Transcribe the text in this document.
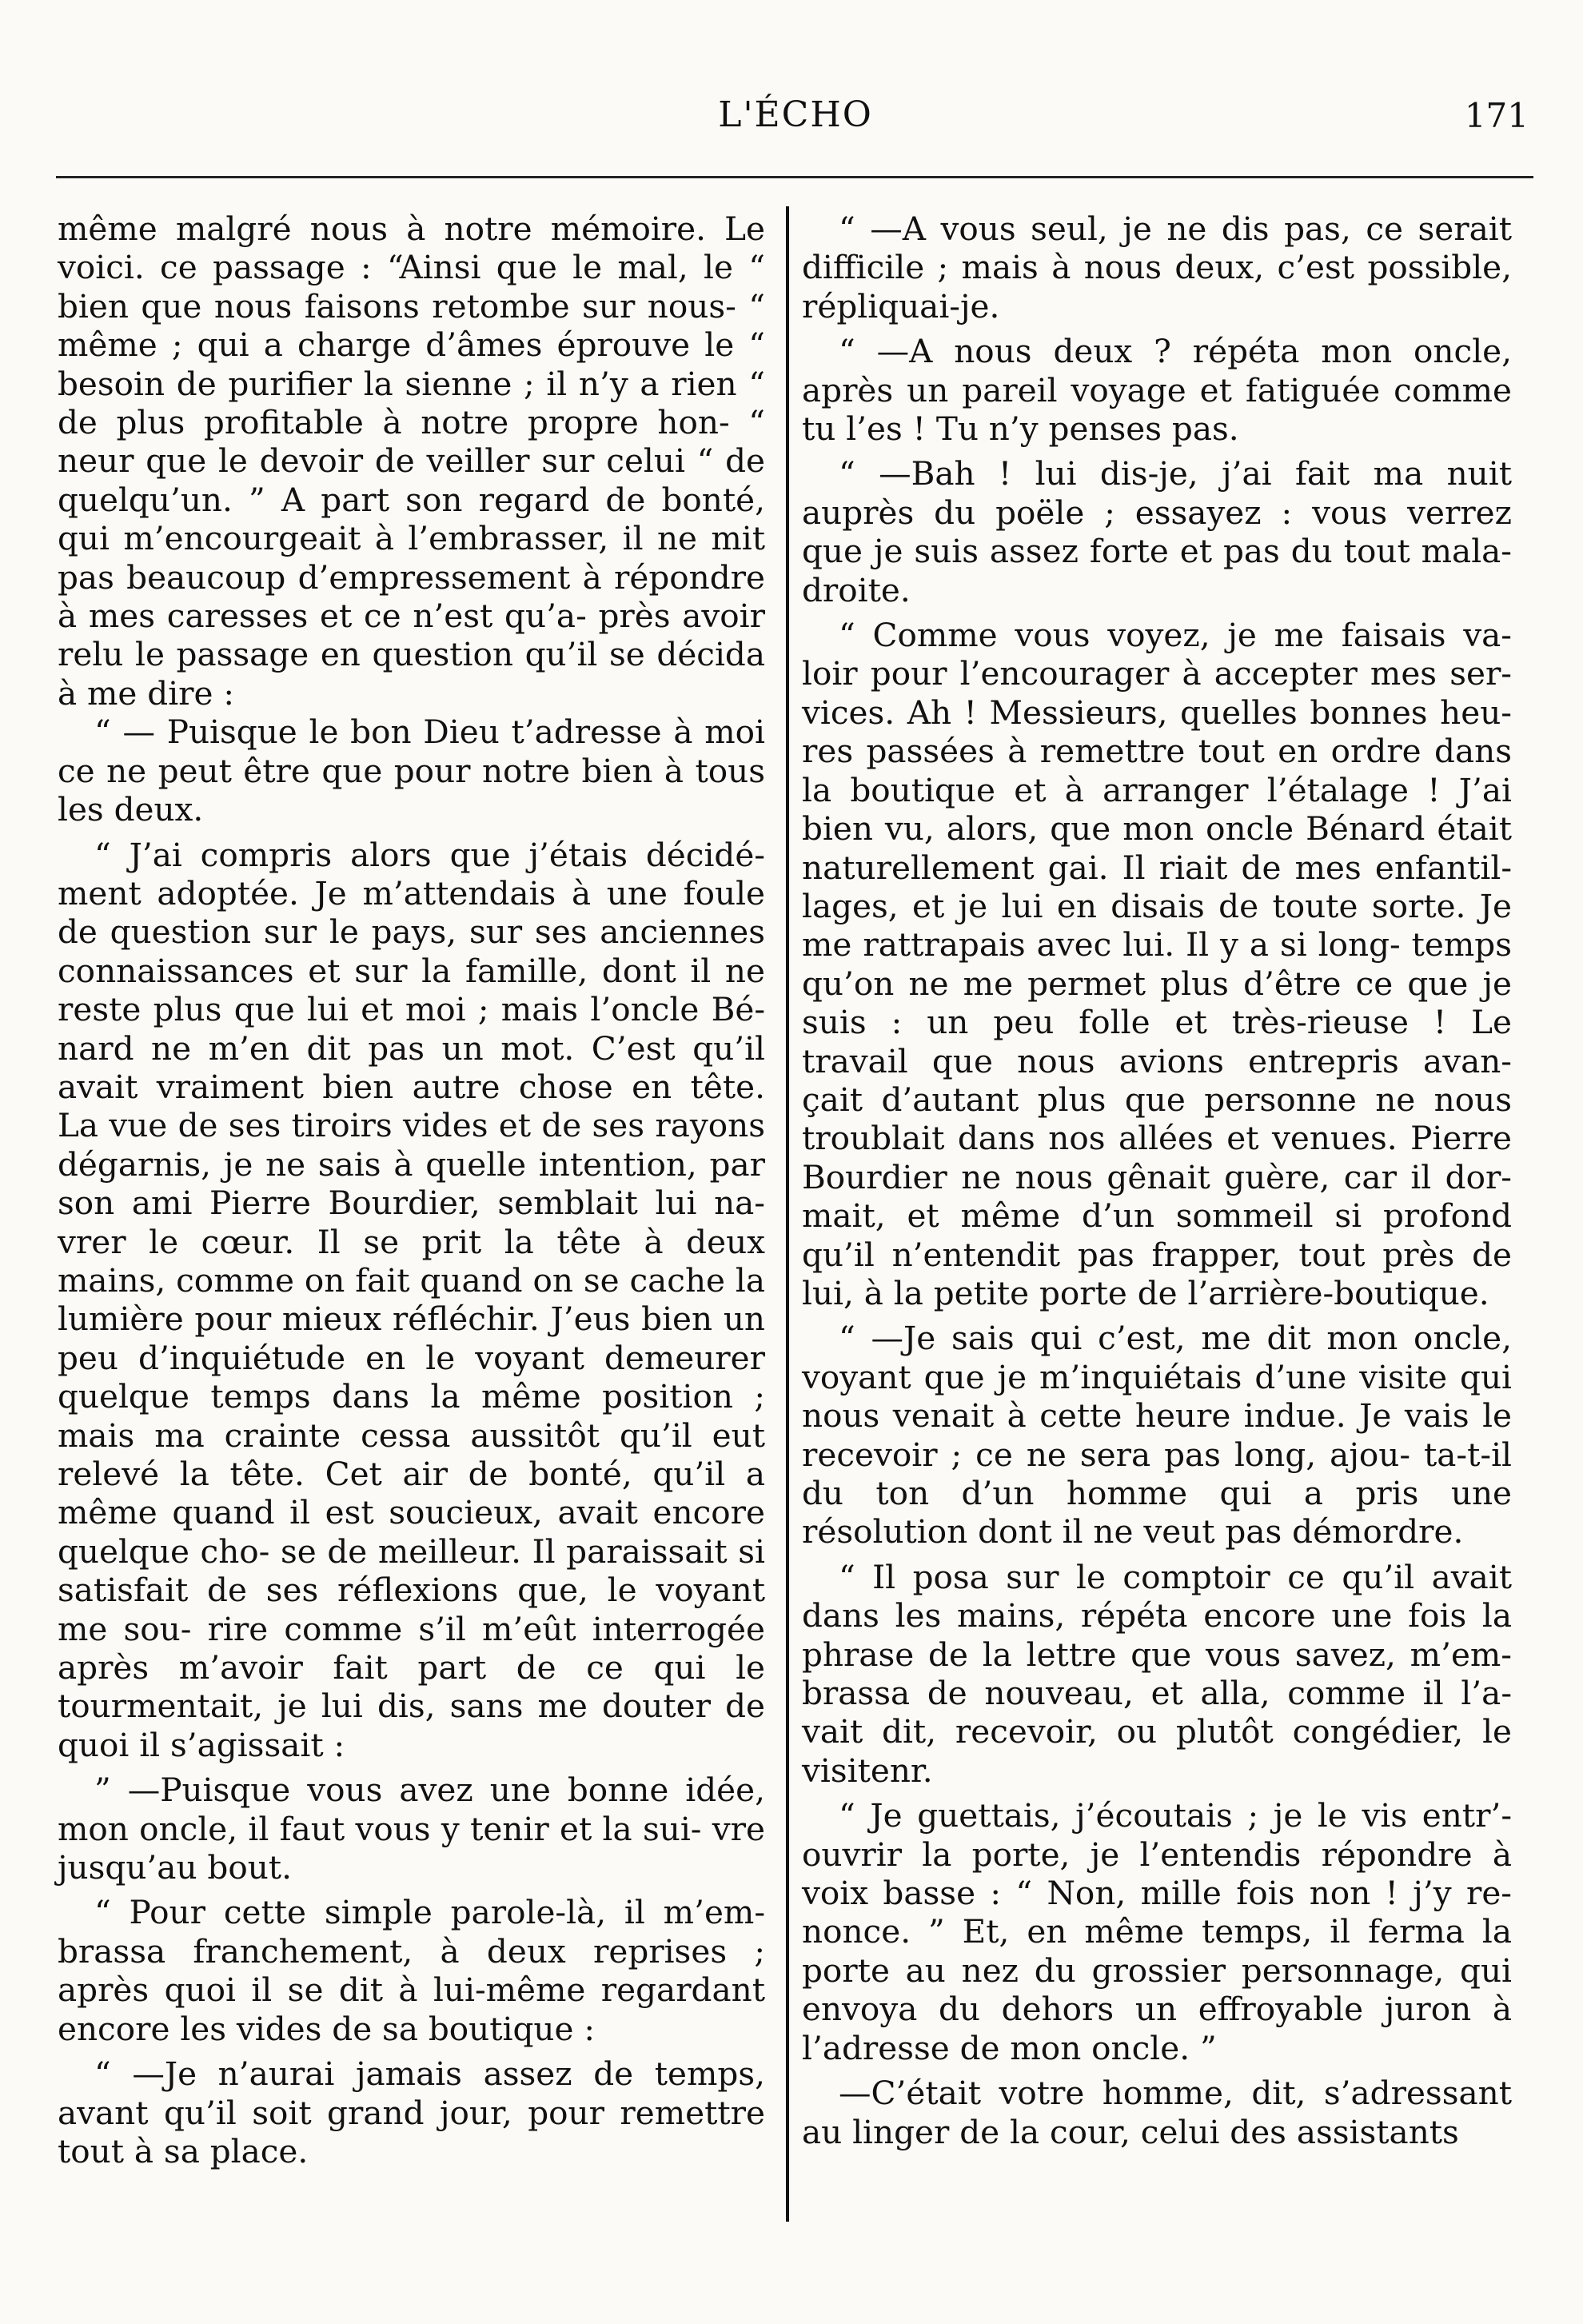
L'ÉCHO	171

même malgré nous à notre mémoire. Le voici. ce passage : “Ainsi que le mal, le “ bien que nous faisons retombe sur nous- “ même ; qui a charge d’âmes éprouve le “ besoin de purifier la sienne ; il n’y a rien “ de plus profitable à notre propre hon- “ neur que le devoir de veiller sur celui “ de quelqu’un. ” A part son regard de bonté, qui m’encourgeait à l’embrasser, il ne mit pas beaucoup d’empressement à répondre à mes caresses et ce n’est qu’a- près avoir relu le passage en question qu’il se décida à me dire :

“ — Puisque le bon Dieu t’adresse à moi ce ne peut être que pour notre bien à tous les deux.

“ J’ai compris alors que j’étais décidé- ment adoptée. Je m’attendais à une foule de question sur le pays, sur ses anciennes connaissances et sur la famille, dont il ne reste plus que lui et moi ; mais l’oncle Bé- nard ne m’en dit pas un mot. C’est qu’il avait vraiment bien autre chose en tête. La vue de ses tiroirs vides et de ses rayons dégarnis, je ne sais à quelle intention, par son ami Pierre Bourdier, semblait lui na- vrer le cœur. Il se prit la tête à deux mains, comme on fait quand on se cache la lumière pour mieux réfléchir. J’eus bien un peu d’inquiétude en le voyant demeurer quelque temps dans la même position ; mais ma crainte cessa aussitôt qu’il eut relevé la tête. Cet air de bonté, qu’il a même quand il est soucieux, avait encore quelque cho- se de meilleur. Il paraissait si satisfait de ses réflexions que, le voyant me sou- rire comme s’il m’eût interrogée après m’avoir fait part de ce qui le tourmentait, je lui dis, sans me douter de quoi il s’agissait :

” —Puisque vous avez une bonne idée, mon oncle, il faut vous y tenir et la sui- vre jusqu’au bout.

“ Pour cette simple parole-là, il m’em- brassa franchement, à deux reprises ; après quoi il se dit à lui-même regardant encore les vides de sa boutique :

“ —Je n’aurai jamais assez de temps, avant qu’il soit grand jour, pour remettre tout à sa place.

“ —A vous seul, je ne dis pas, ce serait difficile ; mais à nous deux, c’est possible, répliquai-je.

“ —A nous deux ? répéta mon oncle, après un pareil voyage et fatiguée comme tu l’es ! Tu n’y penses pas.

“ —Bah ! lui dis-je, j’ai fait ma nuit auprès du poële ; essayez : vous verrez que je suis assez forte et pas du tout mala- droite.

“ Comme vous voyez, je me faisais va- loir pour l’encourager à accepter mes ser- vices. Ah ! Messieurs, quelles bonnes heu- res passées à remettre tout en ordre dans la boutique et à arranger l’étalage ! J’ai bien vu, alors, que mon oncle Bénard était naturellement gai. Il riait de mes enfantil- lages, et je lui en disais de toute sorte. Je me rattrapais avec lui. Il y a si long- temps qu’on ne me permet plus d’être ce que je suis : un peu folle et très-rieuse ! Le travail que nous avions entrepris avan- çait d’autant plus que personne ne nous troublait dans nos allées et venues. Pierre Bourdier ne nous gênait guère, car il dor- mait, et même d’un sommeil si profond qu’il n’entendit pas frapper, tout près de lui, à la petite porte de l’arrière-boutique.

“ —Je sais qui c’est, me dit mon oncle, voyant que je m’inquiétais d’une visite qui nous venait à cette heure indue. Je vais le recevoir ; ce ne sera pas long, ajou- ta-t-il du ton d’un homme qui a pris une résolution dont il ne veut pas démordre.

“ Il posa sur le comptoir ce qu’il avait dans les mains, répéta encore une fois la phrase de la lettre que vous savez, m’em- brassa de nouveau, et alla, comme il l’a- vait dit, recevoir, ou plutôt congédier, le visitenr.

“ Je guettais, j’écoutais ; je le vis entr’- ouvrir la porte, je l’entendis répondre à voix basse : “ Non, mille fois non ! j’y re- nonce. ” Et, en même temps, il ferma la porte au nez du grossier personnage, qui envoya du dehors un effroyable juron à l’adresse de mon oncle. ”

—C’était votre homme, dit, s’adressant au linger de la cour, celui des assistants
